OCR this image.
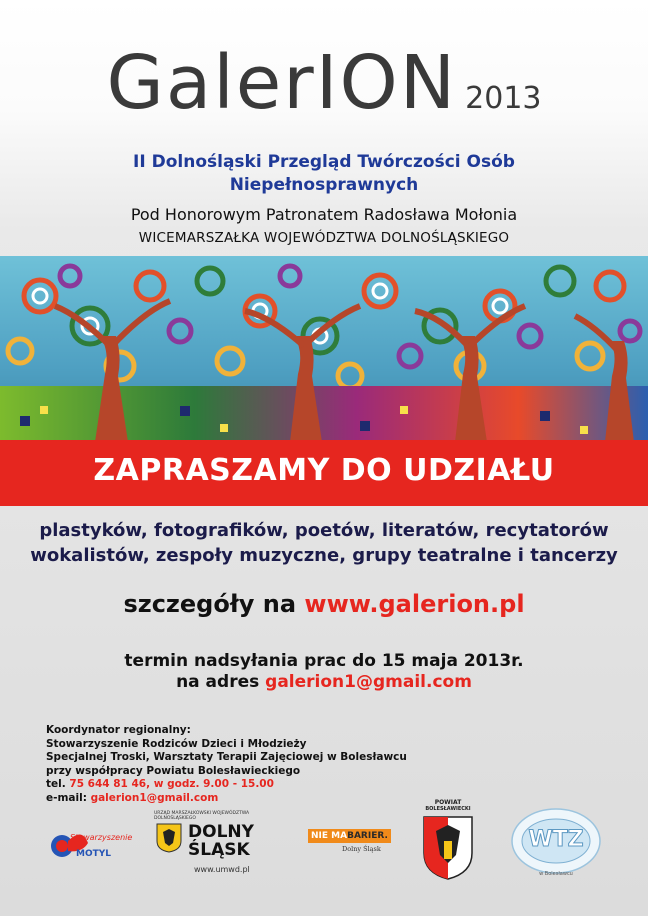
GalerION 2013
II Dolnośląski Przegląd Twórczości Osób
Niepełnosprawnych
Pod Honorowym Patronatem Radosława Mołonia
WICEMARSZAŁKA WOJEWÓDZTWA DOLNOŚLĄSKIEGO
ZAPRASZAMY DO UDZIAŁU
plastyków, fotografików, poetów, literatów, recytatorów
wokalistów, zespoły muzyczne, grupy teatralne i tancerzy
szczegóły na www.galerion.pl
termin nadsyłania prac do 15 maja 2013r.
na adres galerion1@gmail.com
Koordynator regionalny:
Stowarzyszenie Rodziców Dzieci i Młodzieży
Specjalnej Troski, Warsztaty Terapii Zajęciowej w Bolesławcu
przy współpracy Powiatu Bolesławieckiego
tel. 75 644 81 46, w godz. 9.00 - 15.00
e-mail: galerion1@gmail.com
Stowarzyszenie
MOTYL
URZĄD MARSZAŁKOWSKI WOJEWÓDZTWA DOLNOŚLĄSKIEGO
DOLNY
ŚLĄSK
www.umwd.pl
NIE MABARIER.
Dolny Śląsk
POWIAT
BOLESŁAWIECKI
WTZ
w Bolesławcu
